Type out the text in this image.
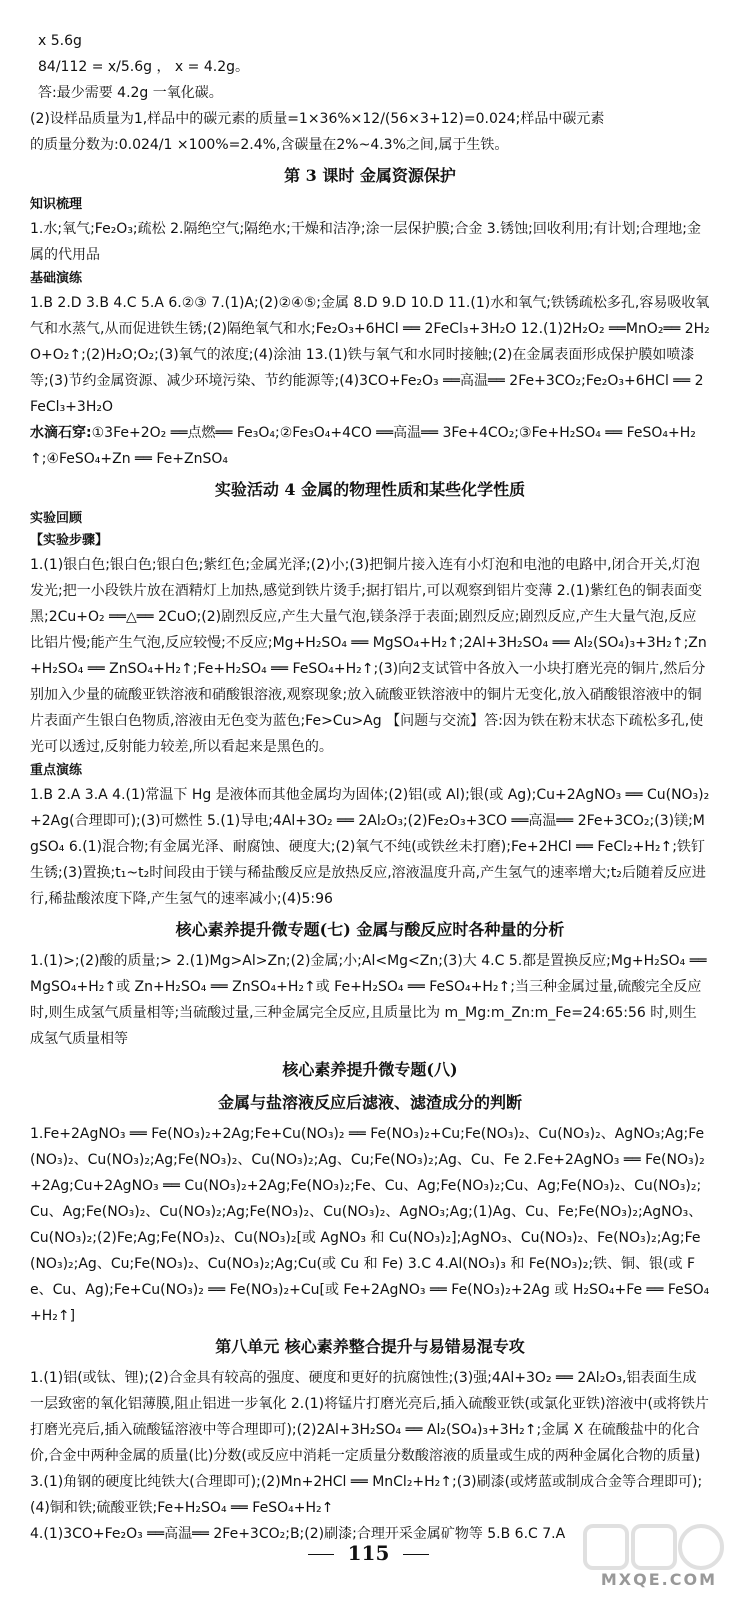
x 5.6g
84/112 = x/5.6g ， x = 4.2g。
答:最少需要 4.2g 一氧化碳。
(2)设样品质量为1,样品中的碳元素的质量=1×36%×12/(56×3+12)=0.024;样品中碳元素
的质量分数为:0.024/1 ×100%=2.4%,含碳量在2%~4.3%之间,属于生铁。
第 3 课时 金属资源保护
知识梳理
1.水;氧气;Fe₂O₃;疏松 2.隔绝空气;隔绝水;干燥和洁净;涂一层保护膜;合金 3.锈蚀;回收利用;有计划;合理地;金属的代用品
基础演练
1.B 2.D 3.B 4.C 5.A 6.②③ 7.(1)A;(2)②④⑤;金属 8.D 9.D 10.D 11.(1)水和氧气;铁锈疏松多孔,容易吸收氧气和水蒸气,从而促进铁生锈;(2)隔绝氧气和水;Fe₂O₃+6HCl ══ 2FeCl₃+3H₂O 12.(1)2H₂O₂ ══MnO₂══ 2H₂O+O₂↑;(2)H₂O;O₂;(3)氧气的浓度;(4)涂油 13.(1)铁与氧气和水同时接触;(2)在金属表面形成保护膜如喷漆等;(3)节约金属资源、减少环境污染、节约能源等;(4)3CO+Fe₂O₃ ══高温══ 2Fe+3CO₂;Fe₂O₃+6HCl ══ 2FeCl₃+3H₂O
水滴石穿:①3Fe+2O₂ ══点燃══ Fe₃O₄;②Fe₃O₄+4CO ══高温══ 3Fe+4CO₂;③Fe+H₂SO₄ ══ FeSO₄+H₂↑;④FeSO₄+Zn ══ Fe+ZnSO₄
实验活动 4 金属的物理性质和某些化学性质
实验回顾
【实验步骤】
1.(1)银白色;银白色;银白色;紫红色;金属光泽;(2)小;(3)把铜片接入连有小灯泡和电池的电路中,闭合开关,灯泡发光;把一小段铁片放在酒精灯上加热,感觉到铁片烫手;据打铝片,可以观察到铝片变薄 2.(1)紫红色的铜表面变黑;2Cu+O₂ ══△══ 2CuO;(2)剧烈反应,产生大量气泡,镁条浮于表面;剧烈反应;剧烈反应,产生大量气泡,反应比铝片慢;能产生气泡,反应较慢;不反应;Mg+H₂SO₄ ══ MgSO₄+H₂↑;2Al+3H₂SO₄ ══ Al₂(SO₄)₃+3H₂↑;Zn+H₂SO₄ ══ ZnSO₄+H₂↑;Fe+H₂SO₄ ══ FeSO₄+H₂↑;(3)向2支试管中各放入一小块打磨光亮的铜片,然后分别加入少量的硫酸亚铁溶液和硝酸银溶液,观察现象;放入硫酸亚铁溶液中的铜片无变化,放入硝酸银溶液中的铜片表面产生银白色物质,溶液由无色变为蓝色;Fe>Cu>Ag 【问题与交流】答:因为铁在粉末状态下疏松多孔,使光可以透过,反射能力较差,所以看起来是黑色的。
重点演练
1.B 2.A 3.A 4.(1)常温下 Hg 是液体而其他金属均为固体;(2)铝(或 Al);银(或 Ag);Cu+2AgNO₃ ══ Cu(NO₃)₂+2Ag(合理即可);(3)可燃性 5.(1)导电;4Al+3O₂ ══ 2Al₂O₃;(2)Fe₂O₃+3CO ══高温══ 2Fe+3CO₂;(3)镁;MgSO₄ 6.(1)混合物;有金属光泽、耐腐蚀、硬度大;(2)氧气不纯(或铁丝未打磨);Fe+2HCl ══ FeCl₂+H₂↑;铁钉生锈;(3)置换;t₁~t₂时间段由于镁与稀盐酸反应是放热反应,溶液温度升高,产生氢气的速率增大;t₂后随着反应进行,稀盐酸浓度下降,产生氢气的速率减小;(4)5:96
核心素养提升微专题(七) 金属与酸反应时各种量的分析
1.(1)>;(2)酸的质量;> 2.(1)Mg>Al>Zn;(2)金属;小;Al<Mg<Zn;(3)大 4.C 5.都是置换反应;Mg+H₂SO₄ ══ MgSO₄+H₂↑或 Zn+H₂SO₄ ══ ZnSO₄+H₂↑或 Fe+H₂SO₄ ══ FeSO₄+H₂↑;当三种金属过量,硫酸完全反应时,则生成氢气质量相等;当硫酸过量,三种金属完全反应,且质量比为 m_Mg:m_Zn:m_Fe=24:65:56 时,则生成氢气质量相等
核心素养提升微专题(八)
金属与盐溶液反应后滤液、滤渣成分的判断
1.Fe+2AgNO₃ ══ Fe(NO₃)₂+2Ag;Fe+Cu(NO₃)₂ ══ Fe(NO₃)₂+Cu;Fe(NO₃)₂、Cu(NO₃)₂、AgNO₃;Ag;Fe(NO₃)₂、Cu(NO₃)₂;Ag;Fe(NO₃)₂、Cu(NO₃)₂;Ag、Cu;Fe(NO₃)₂;Ag、Cu、Fe 2.Fe+2AgNO₃ ══ Fe(NO₃)₂+2Ag;Cu+2AgNO₃ ══ Cu(NO₃)₂+2Ag;Fe(NO₃)₂;Fe、Cu、Ag;Fe(NO₃)₂;Cu、Ag;Fe(NO₃)₂、Cu(NO₃)₂;Cu、Ag;Fe(NO₃)₂、Cu(NO₃)₂;Ag;Fe(NO₃)₂、Cu(NO₃)₂、AgNO₃;Ag;(1)Ag、Cu、Fe;Fe(NO₃)₂;AgNO₃、Cu(NO₃)₂;(2)Fe;Ag;Fe(NO₃)₂、Cu(NO₃)₂[或 AgNO₃ 和 Cu(NO₃)₂];AgNO₃、Cu(NO₃)₂、Fe(NO₃)₂;Ag;Fe(NO₃)₂;Ag、Cu;Fe(NO₃)₂、Cu(NO₃)₂;Ag;Cu(或 Cu 和 Fe) 3.C 4.Al(NO₃)₃ 和 Fe(NO₃)₂;铁、铜、银(或 Fe、Cu、Ag);Fe+Cu(NO₃)₂ ══ Fe(NO₃)₂+Cu[或 Fe+2AgNO₃ ══ Fe(NO₃)₂+2Ag 或 H₂SO₄+Fe ══ FeSO₄+H₂↑]
第八单元 核心素养整合提升与易错易混专攻
1.(1)铝(或钛、锂);(2)合金具有较高的强度、硬度和更好的抗腐蚀性;(3)强;4Al+3O₂ ══ 2Al₂O₃,铝表面生成一层致密的氧化铝薄膜,阻止铝进一步氧化 2.(1)将锰片打磨光亮后,插入硫酸亚铁(或氯化亚铁)溶液中(或将铁片打磨光亮后,插入硫酸锰溶液中等合理即可);(2)2Al+3H₂SO₄ ══ Al₂(SO₄)₃+3H₂↑;金属 X 在硫酸盐中的化合价,合金中两种金属的质量(比)分数(或反应中消耗一定质量分数酸溶液的质量或生成的两种金属化合物的质量) 3.(1)角钢的硬度比纯铁大(合理即可);(2)Mn+2HCl ══ MnCl₂+H₂↑;(3)刷漆(或烤蓝或制成合金等合理即可);(4)铜和铁;硫酸亚铁;Fe+H₂SO₄ ══ FeSO₄+H₂↑
4.(1)3CO+Fe₂O₃ ══高温══ 2Fe+3CO₂;B;(2)刷漆;合理开采金属矿物等 5.B 6.C 7.A
115
MXQE.COM
